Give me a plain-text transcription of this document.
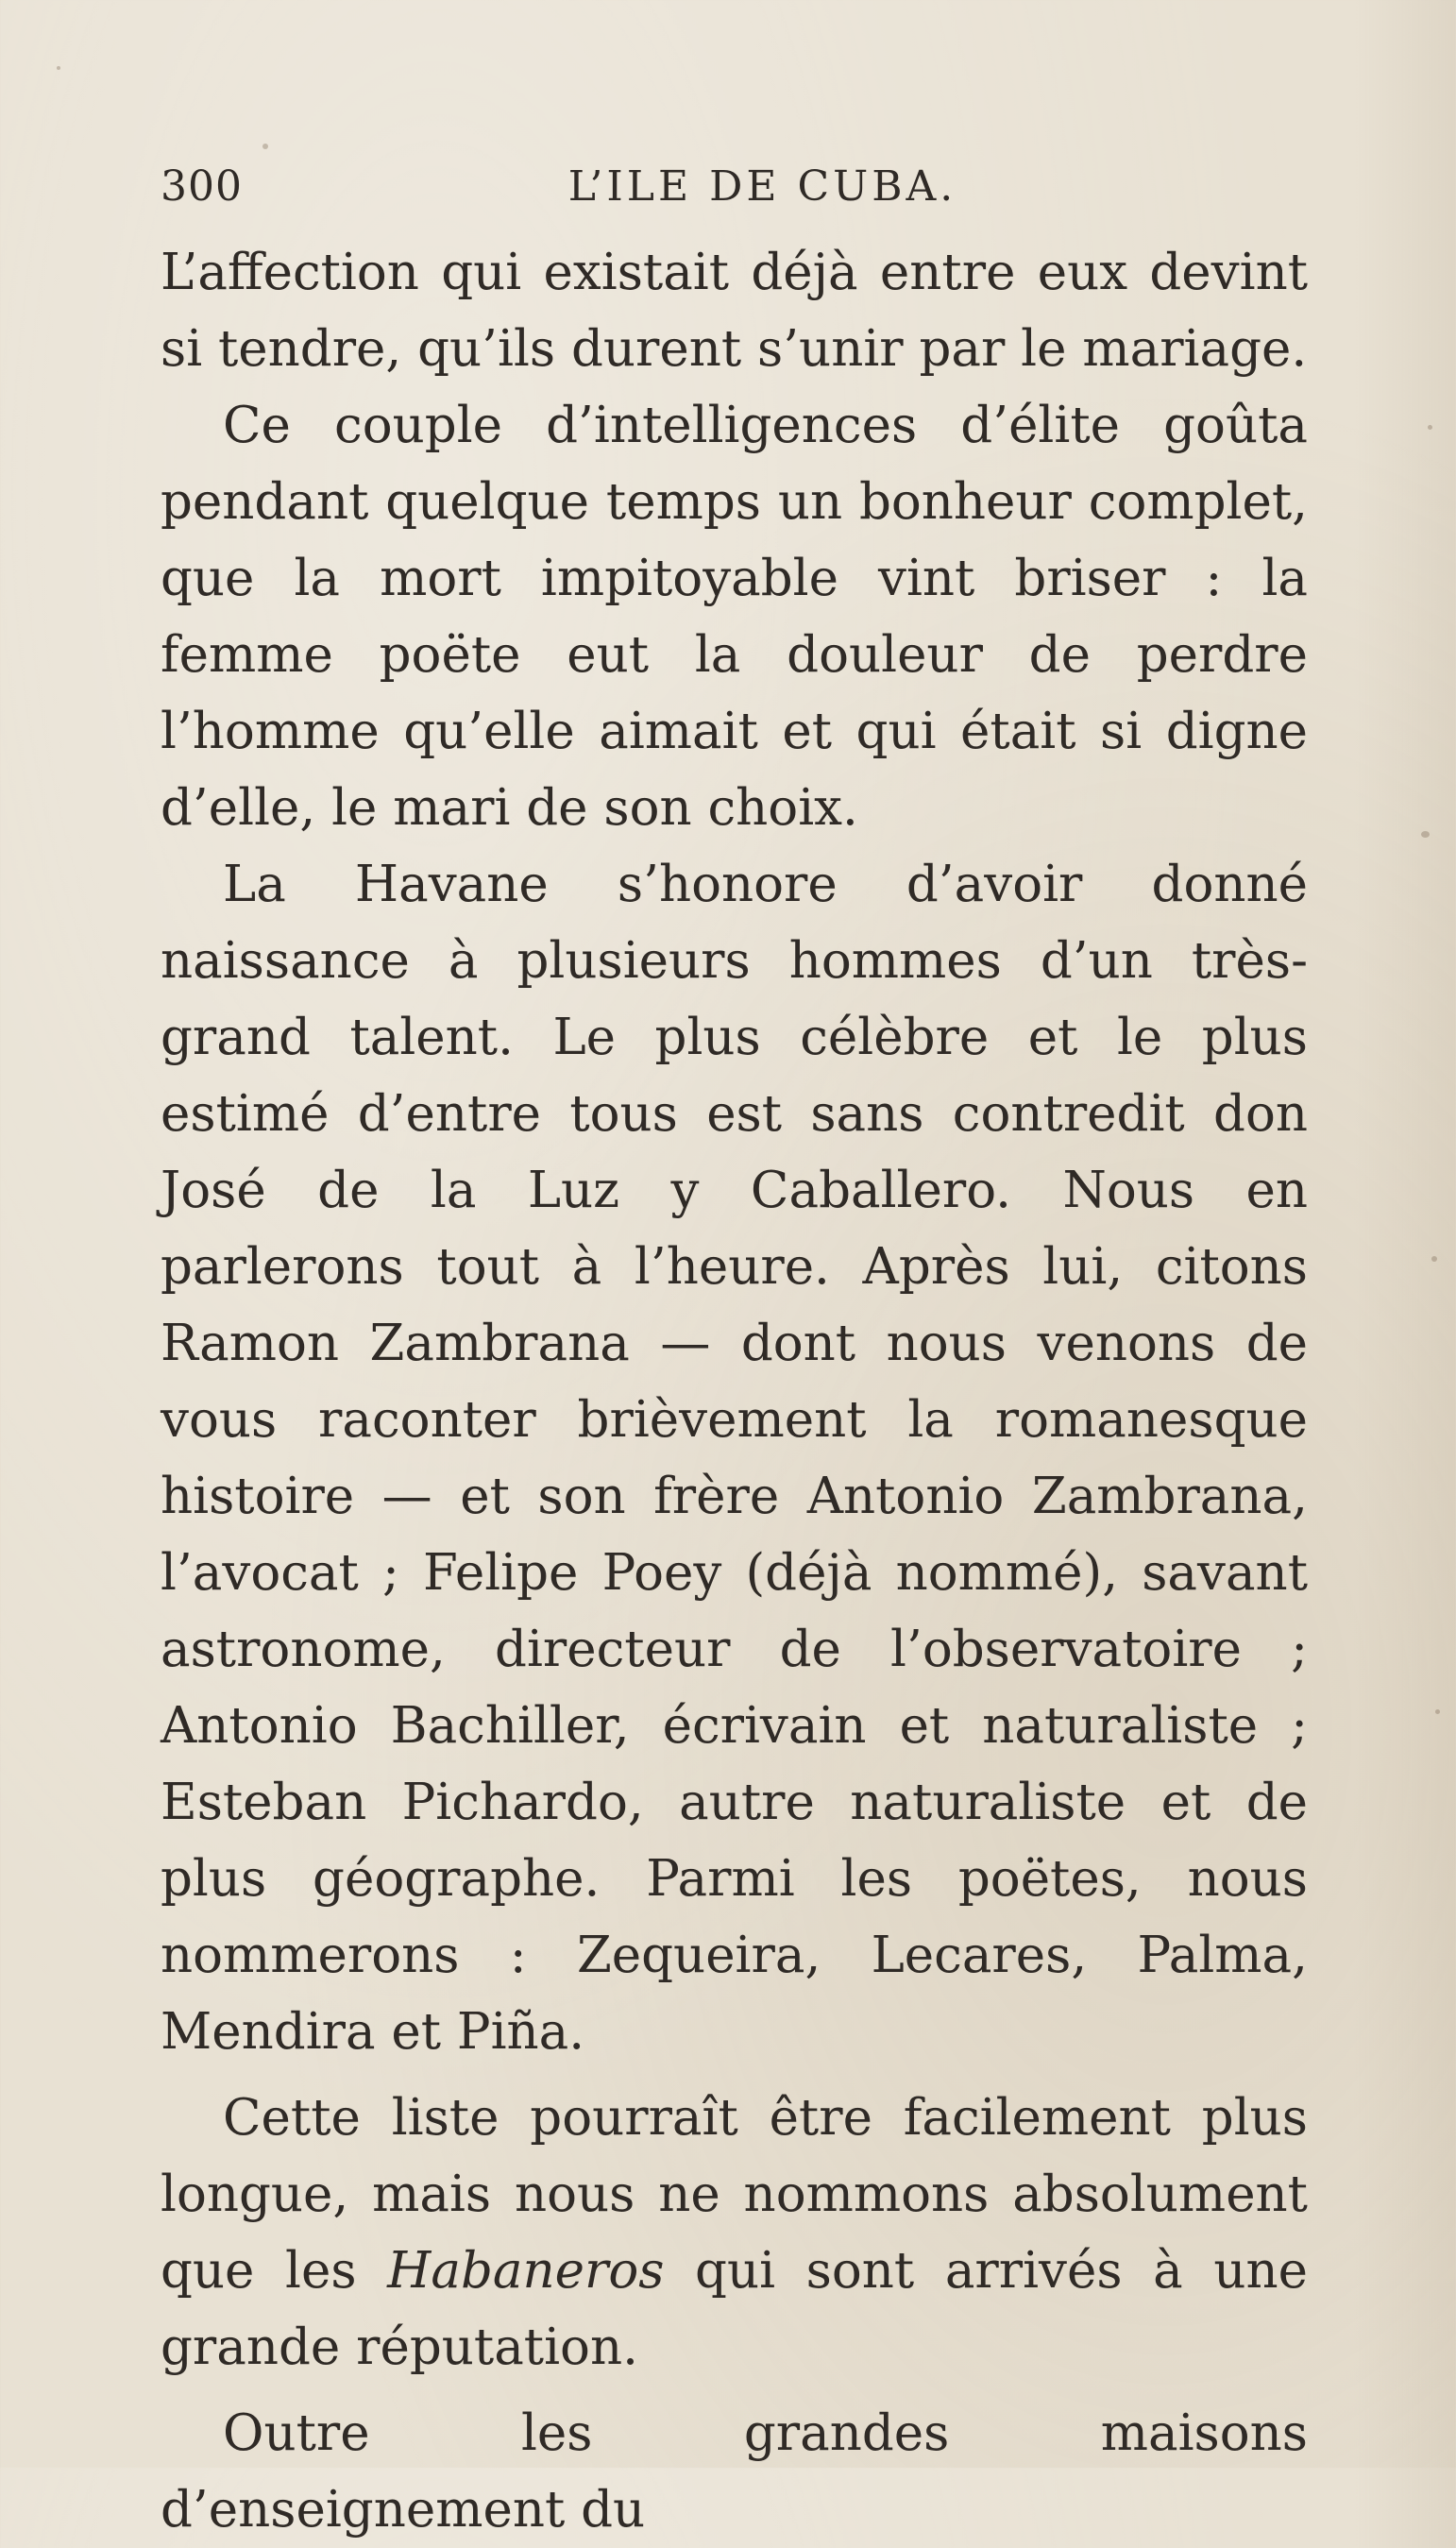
300	L’ILE DE CUBA.

L’affection qui existait déjà entre eux devint si tendre, qu’ils durent s’unir par le mariage.

Ce couple d’intelligences d’élite goûta pendant quelque temps un bonheur complet, que la mort impitoyable vint briser : la femme poëte eut la douleur de perdre l’homme qu’elle aimait et qui était si digne d’elle, le mari de son choix.

La Havane s’honore d’avoir donné naissance à plusieurs hommes d’un très-grand talent. Le plus célèbre et le plus estimé d’entre tous est sans contredit don José de la Luz y Caballero. Nous en parlerons tout à l’heure. Après lui, citons Ramon Zambrana — dont nous venons de vous raconter brièvement la romanesque histoire — et son frère Antonio Zambrana, l’avocat ; Felipe Poey (déjà nommé), savant astronome, directeur de l’observatoire ; Antonio Bachiller, écrivain et naturaliste ; Esteban Pichardo, autre naturaliste et de plus géographe. Parmi les poëtes, nous nommerons : Zequeira, Lecares, Palma, Mendira et Piña.

Cette liste pourraît être facilement plus longue, mais nous ne nommons absolument que les Habaneros qui sont arrivés à une grande réputation.

Outre les grandes maisons d’enseignement du
